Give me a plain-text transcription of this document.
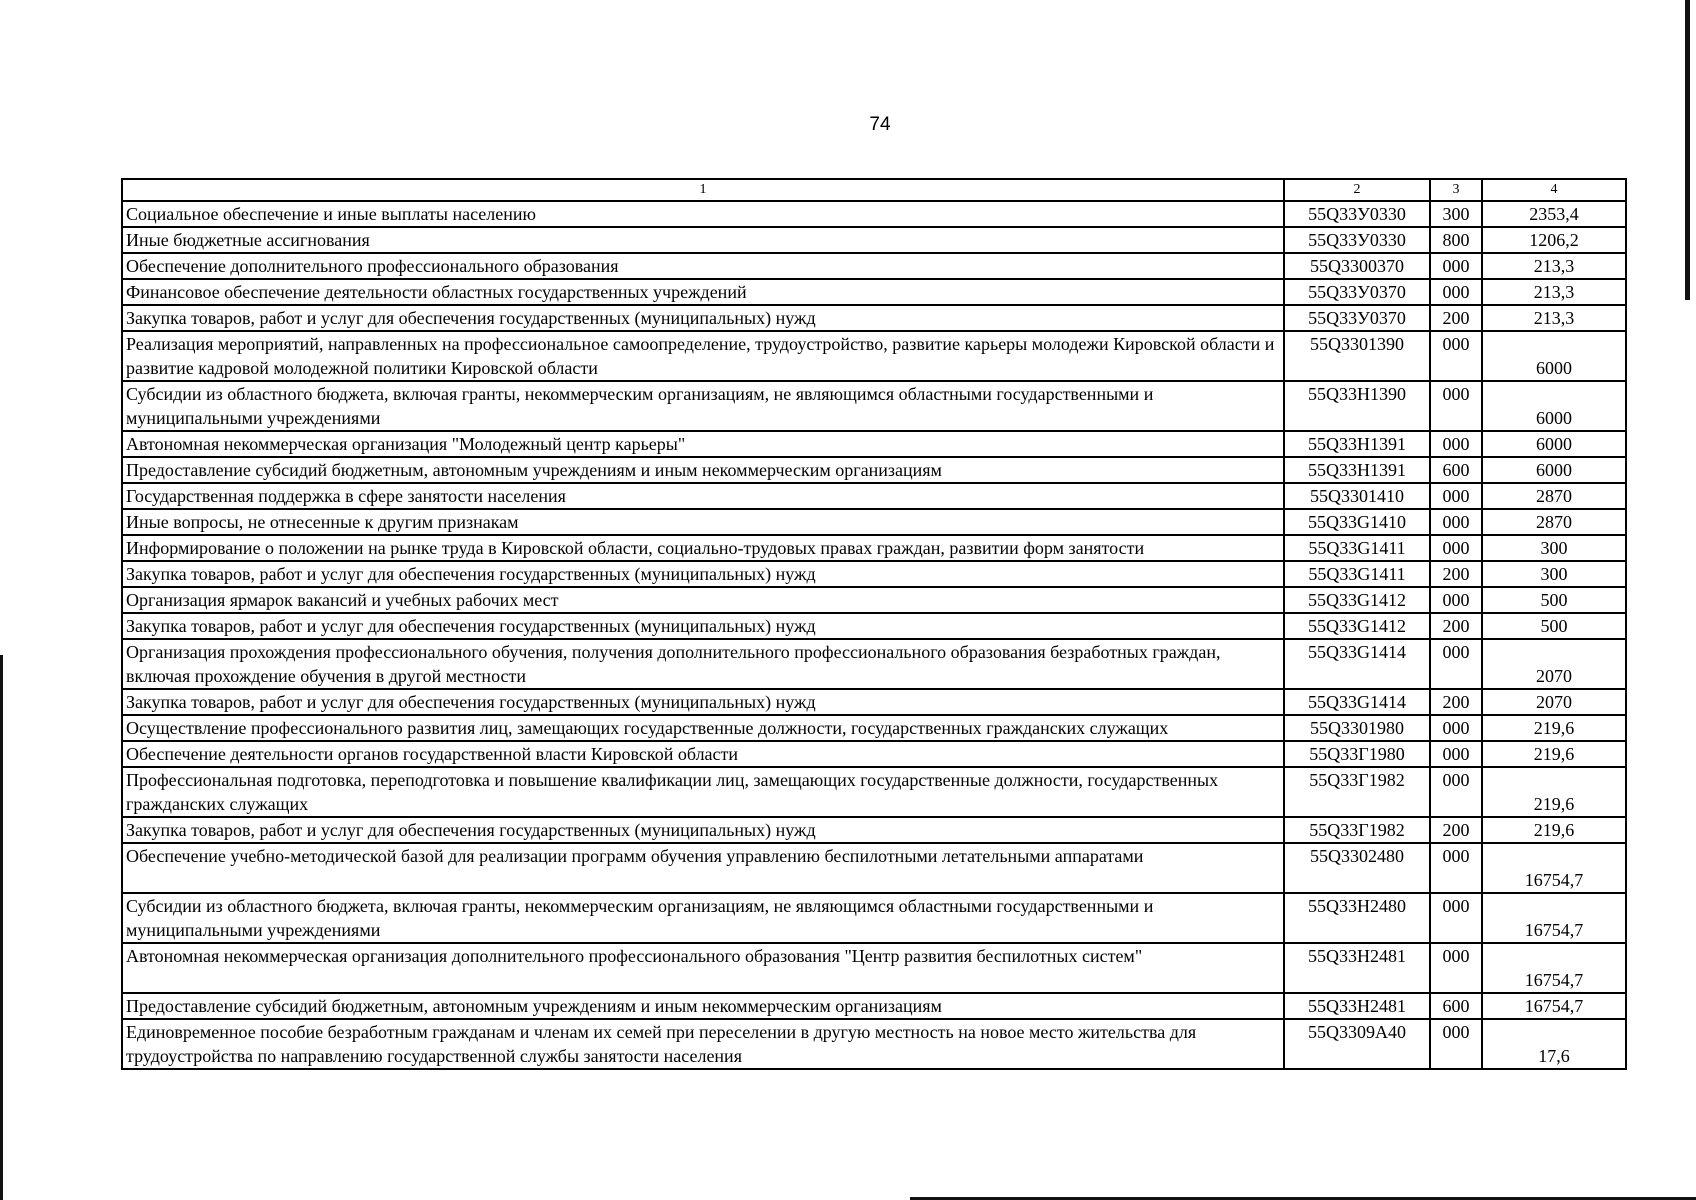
74
1	2	3	4
Социальное обеспечение и иные выплаты населению	55Q33У0330	300	2353,4
Иные бюджетные ассигнования	55Q33У0330	800	1206,2
Обеспечение дополнительного профессионального образования	55Q3300370	000	213,3
Финансовое обеспечение деятельности областных государственных учреждений	55Q33У0370	000	213,3
Закупка товаров, работ и услуг для обеспечения государственных (муниципальных) нужд	55Q33У0370	200	213,3
Реализация мероприятий, направленных на профессиональное самоопределение, трудоустройство, развитие карьеры молодежи Кировской области и развитие кадровой молодежной политики Кировской области	55Q3301390	000	6000
Субсидии из областного бюджета, включая гранты, некоммерческим организациям, не являющимся областными государственными и муниципальными учреждениями	55Q33Н1390	000	6000
Автономная некоммерческая организация "Молодежный центр карьеры"	55Q33Н1391	000	6000
Предоставление субсидий бюджетным, автономным учреждениям и иным некоммерческим организациям	55Q33Н1391	600	6000
Государственная поддержка в сфере занятости населения	55Q3301410	000	2870
Иные вопросы, не отнесенные к другим признакам	55Q33G1410	000	2870
Информирование о положении на рынке труда в Кировской области, социально-трудовых правах граждан, развитии форм занятости	55Q33G1411	000	300
Закупка товаров, работ и услуг для обеспечения государственных (муниципальных) нужд	55Q33G1411	200	300
Организация ярмарок вакансий и учебных рабочих мест	55Q33G1412	000	500
Закупка товаров, работ и услуг для обеспечения государственных (муниципальных) нужд	55Q33G1412	200	500
Организация прохождения профессионального обучения, получения дополнительного профессионального образования безработных граждан, включая прохождение обучения в другой местности	55Q33G1414	000	2070
Закупка товаров, работ и услуг для обеспечения государственных (муниципальных) нужд	55Q33G1414	200	2070
Осуществление профессионального развития лиц, замещающих государственные должности, государственных гражданских служащих	55Q3301980	000	219,6
Обеспечение деятельности органов государственной власти Кировской области	55Q33Г1980	000	219,6
Профессиональная подготовка, переподготовка и повышение квалификации лиц, замещающих государственные должности, государственных гражданских служащих	55Q33Г1982	000	219,6
Закупка товаров, работ и услуг для обеспечения государственных (муниципальных) нужд	55Q33Г1982	200	219,6
Обеспечение учебно-методической базой для реализации программ обучения управлению беспилотными летательными аппаратами	55Q3302480	000	16754,7
Субсидии из областного бюджета, включая гранты, некоммерческим организациям, не являющимся областными государственными и муниципальными учреждениями	55Q33Н2480	000	16754,7
Автономная некоммерческая организация дополнительного профессионального образования "Центр развития беспилотных систем"	55Q33Н2481	000	16754,7
Предоставление субсидий бюджетным, автономным учреждениям и иным некоммерческим организациям	55Q33Н2481	600	16754,7
Единовременное пособие безработным гражданам и членам их семей при переселении в другую местность на новое место жительства для трудоустройства по направлению государственной службы занятости населения	55Q3309А40	000	17,6
